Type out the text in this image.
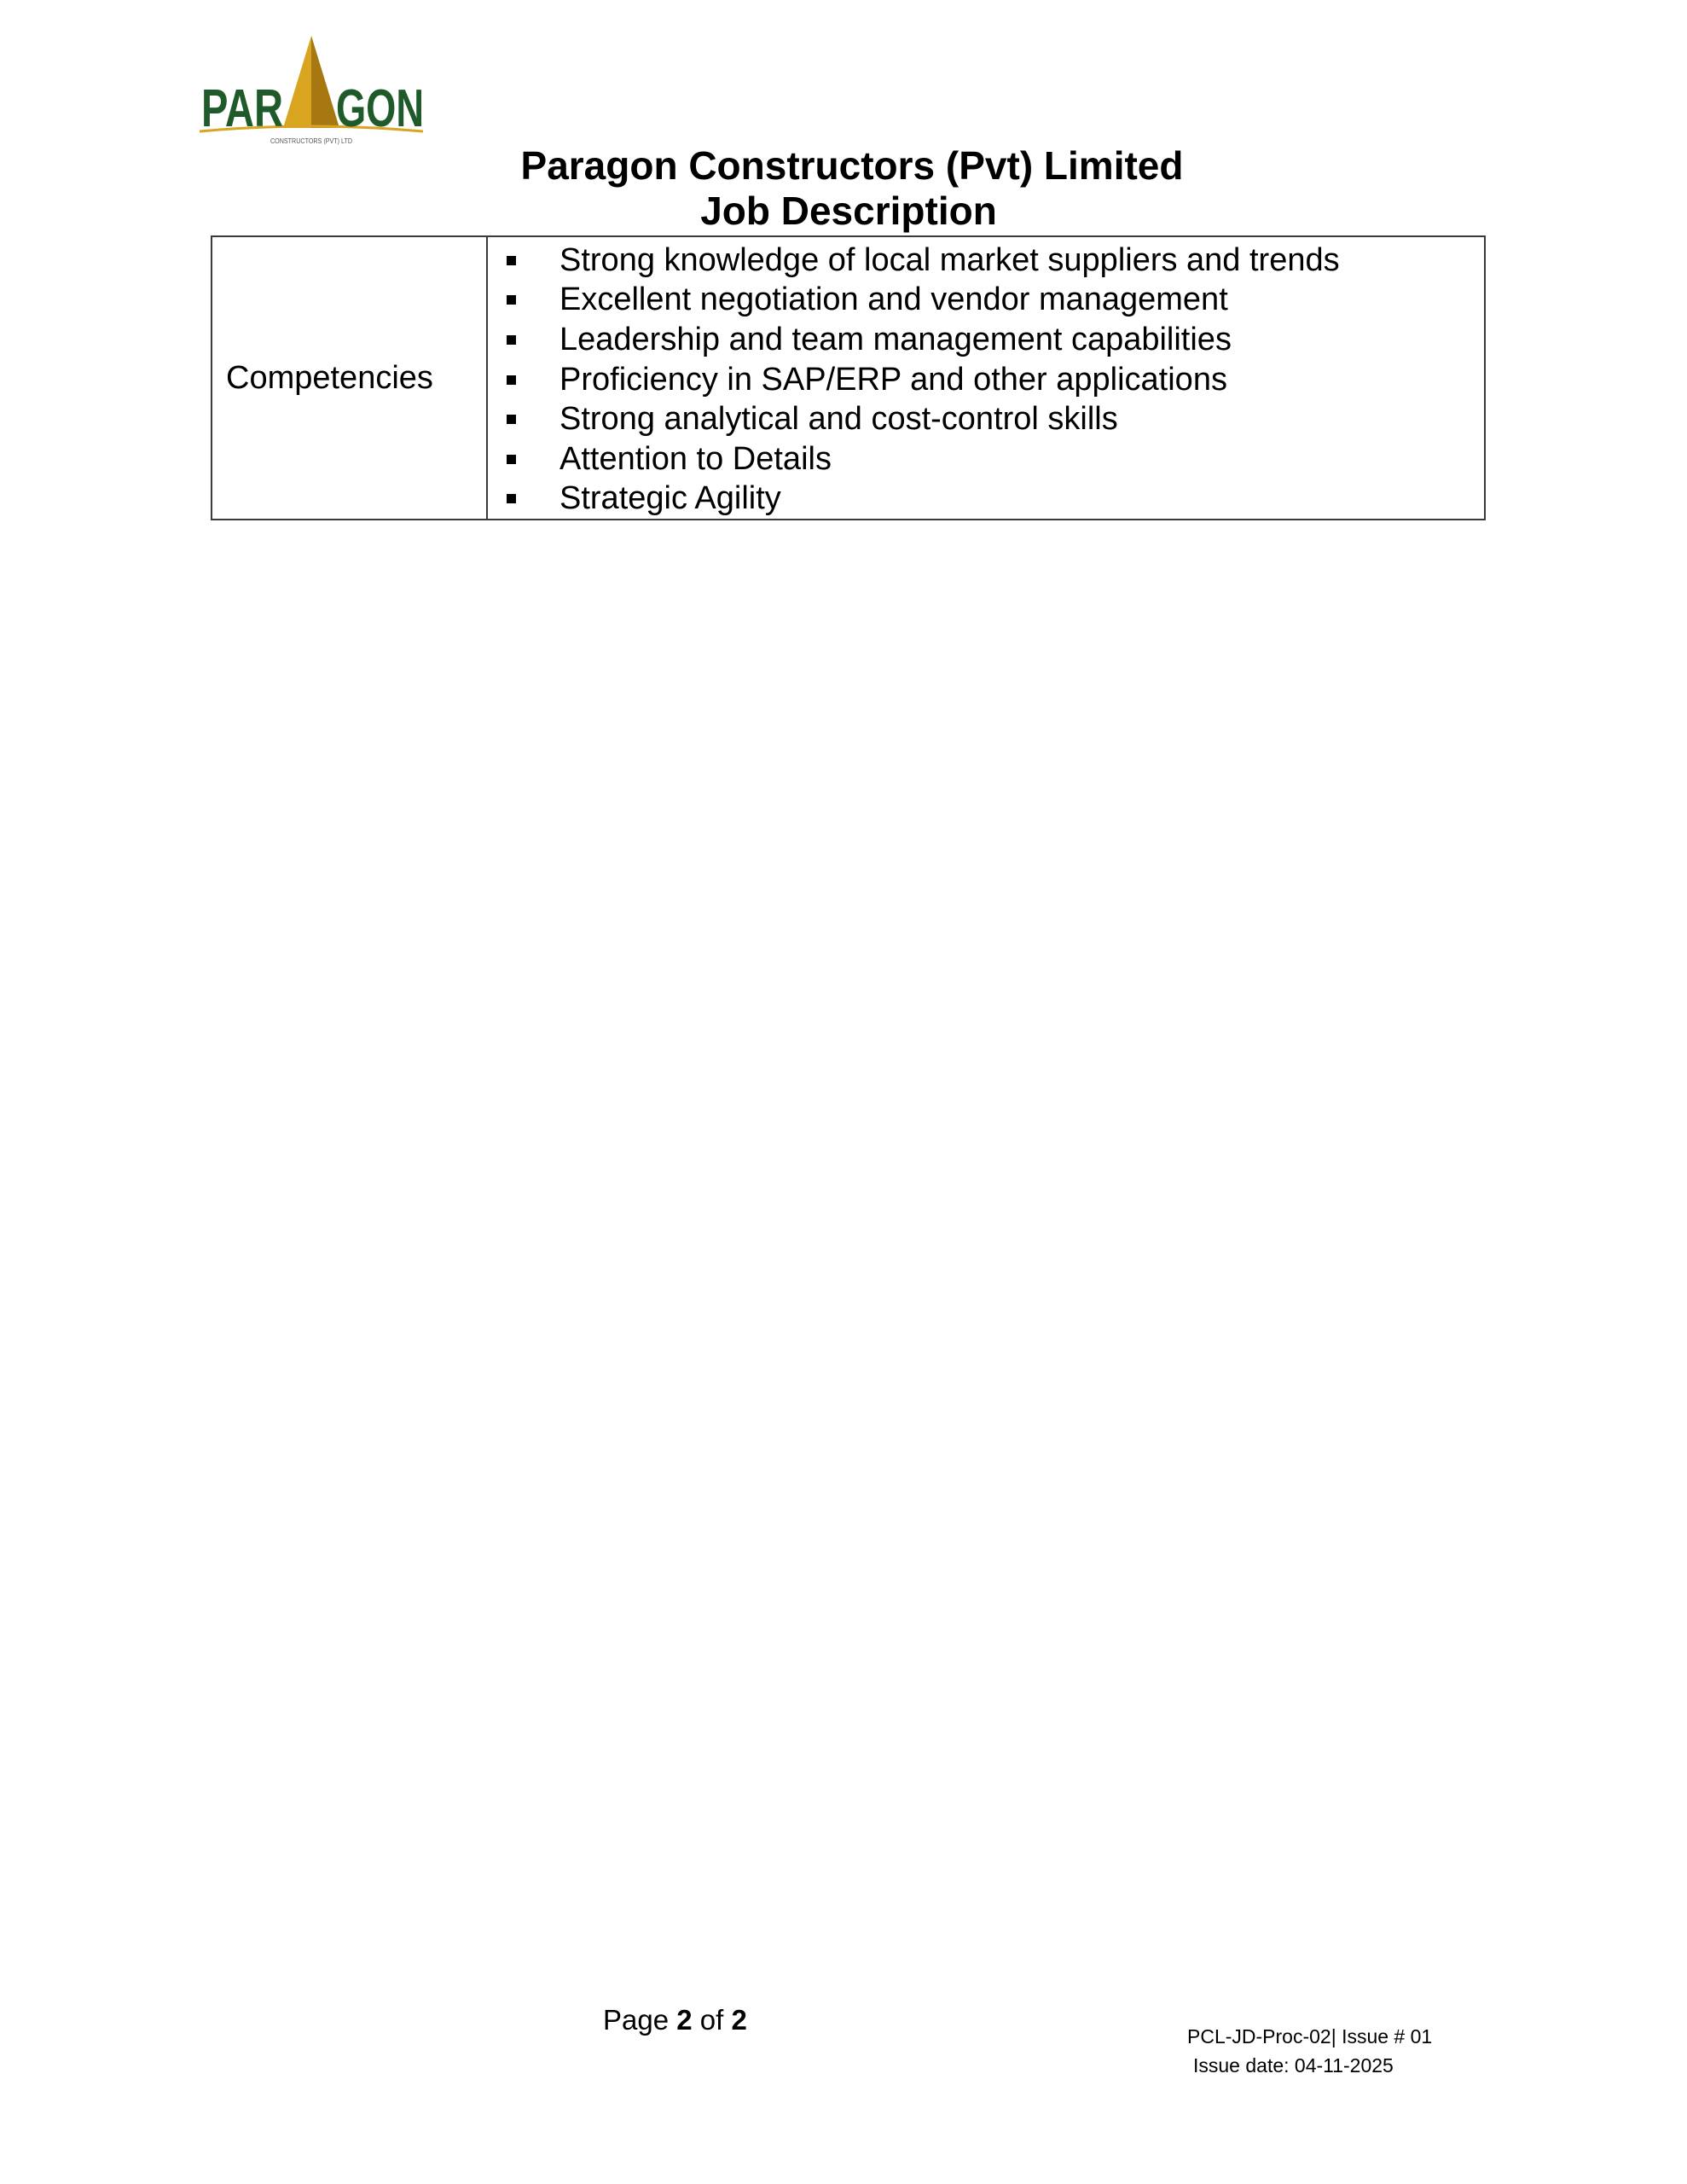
PAR GON
CONSTRUCTORS (PVT) LTD
Paragon Constructors (Pvt) Limited
Job Description
Competencies	
Strong knowledge of local market suppliers and trends
Excellent negotiation and vendor management
Leadership and team management capabilities
Proficiency in SAP/ERP and other applications
Strong analytical and cost-control skills
Attention to Details
Strategic Agility
Page 2 of 2
PCL-JD-Proc-02| Issue # 01
Issue date: 04-11-2025
